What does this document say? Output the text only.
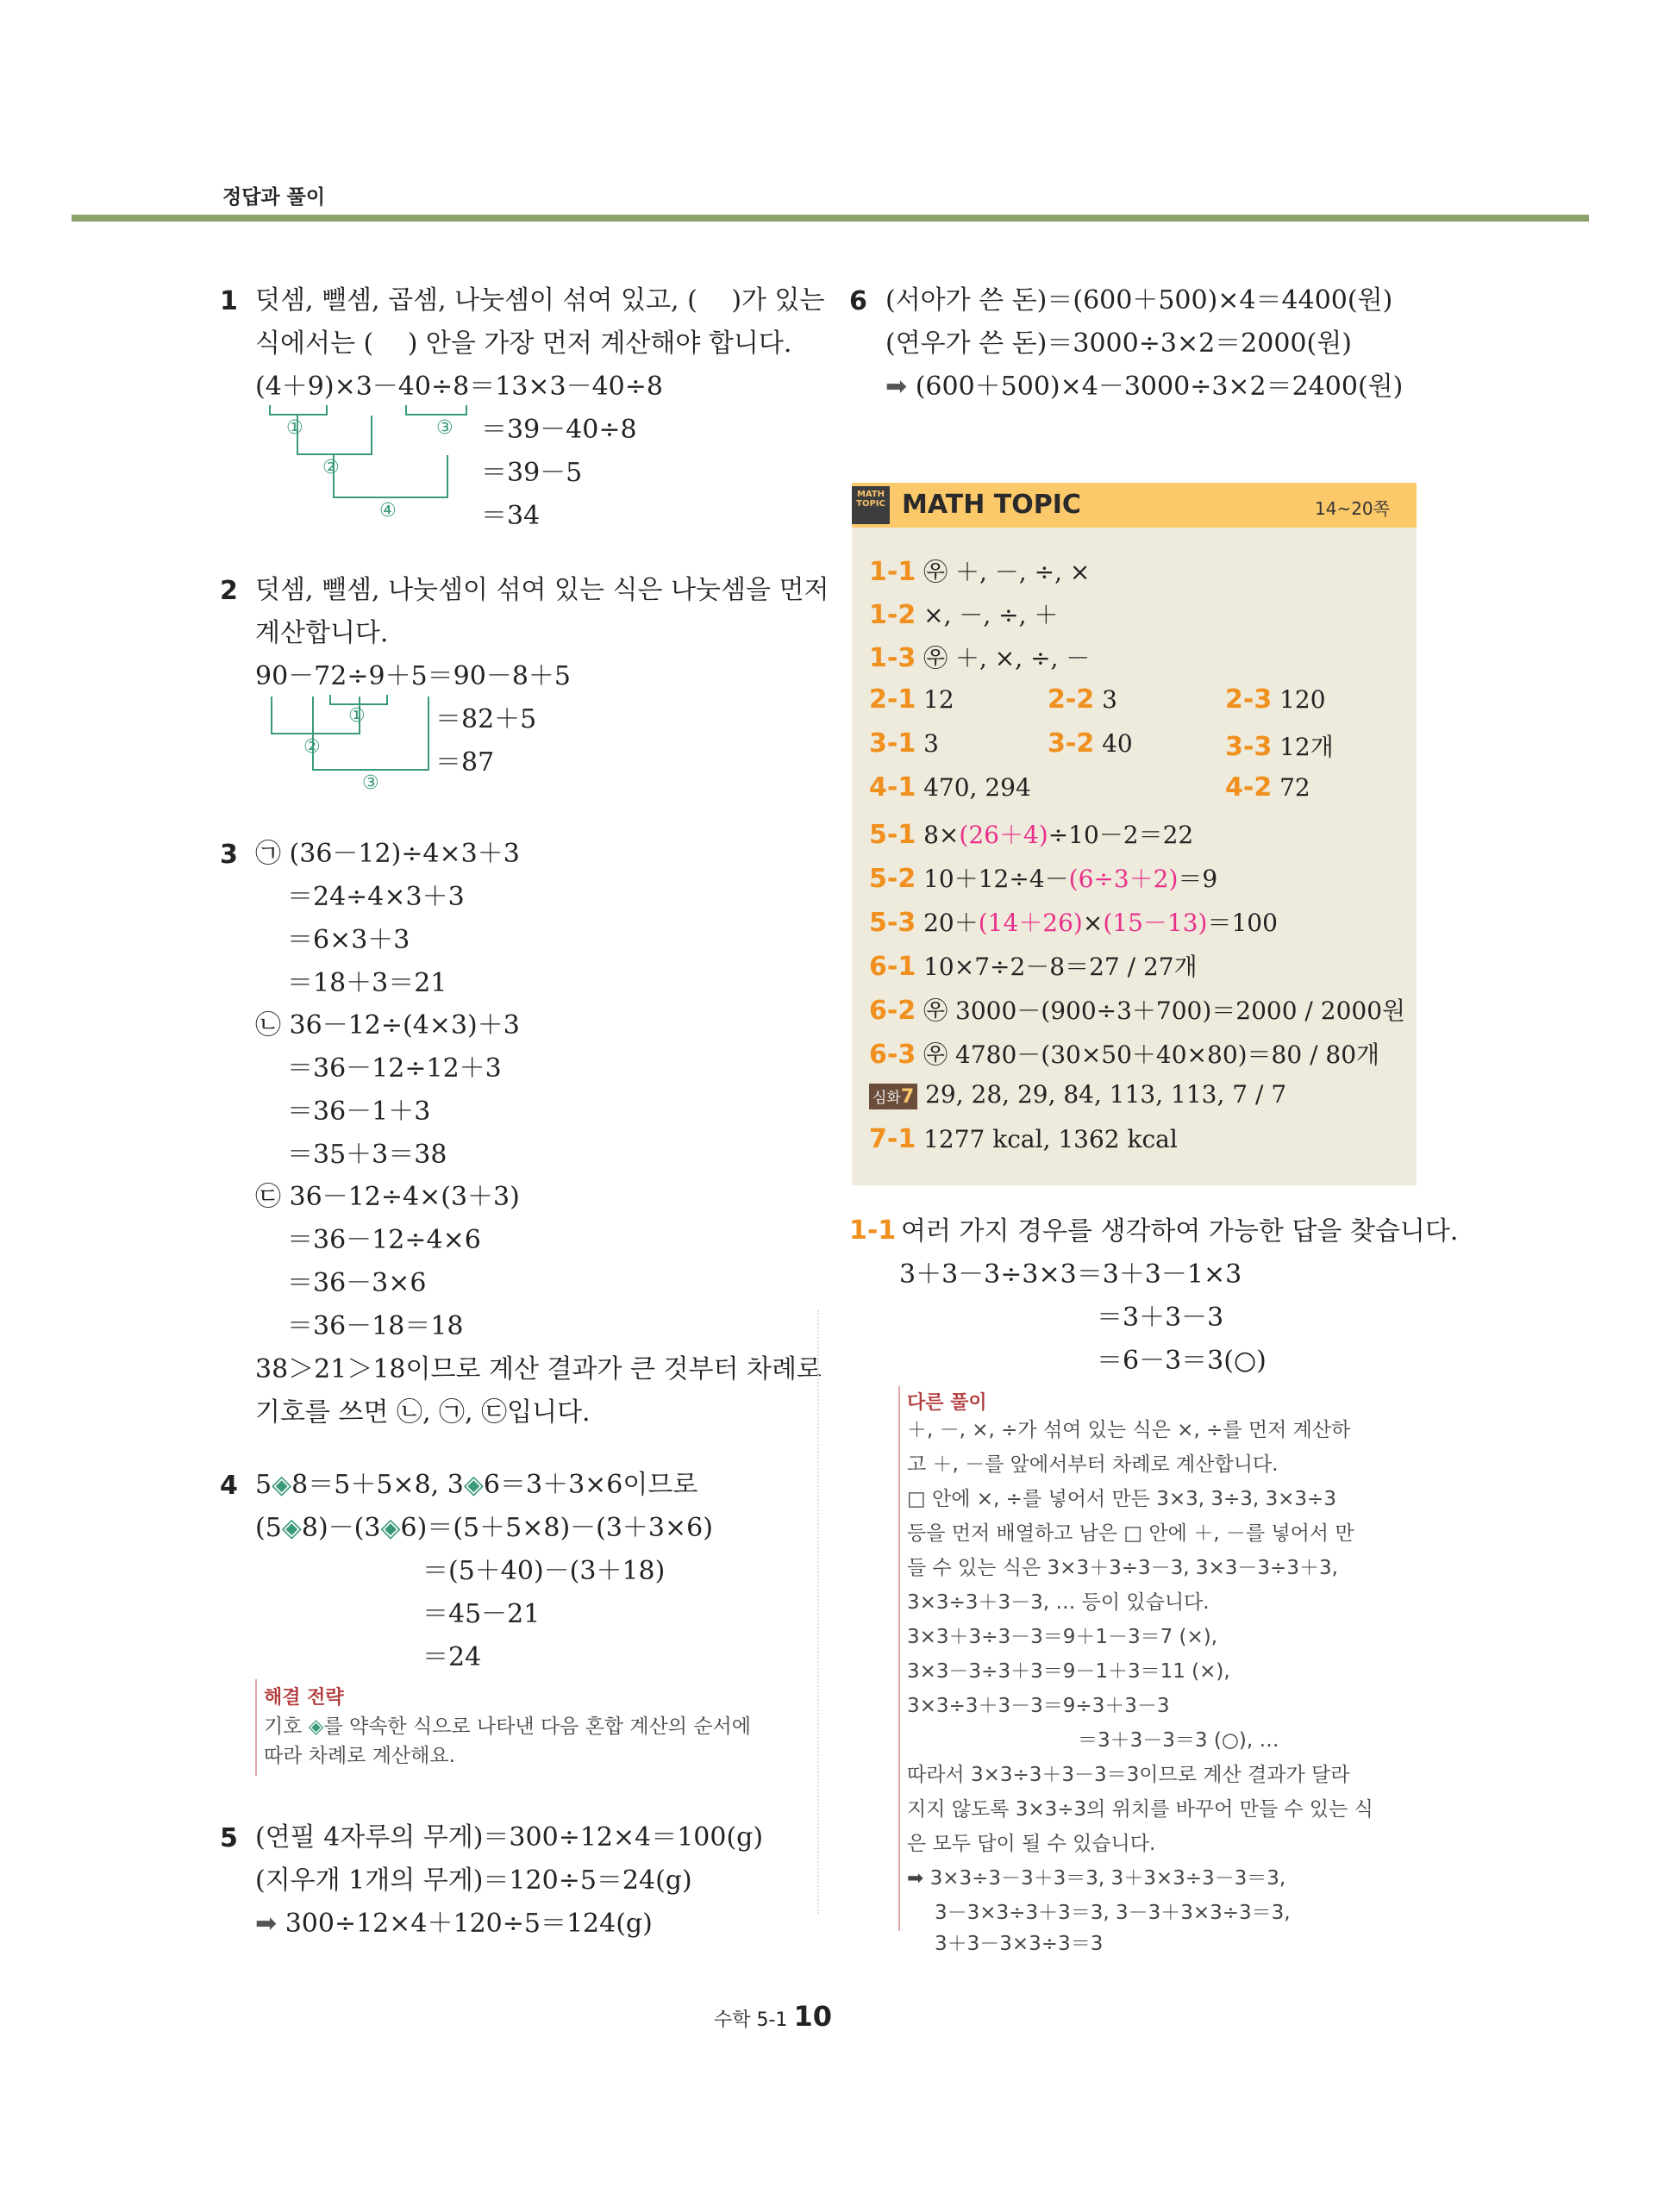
정답과 풀이
1 덧셈, 뺄셈, 곱셈, 나눗셈이 섞여 있고, (　 )가 있는
식에서는 (　 ) 안을 가장 먼저 계산해야 합니다.
(4＋9)×3－40÷8＝13×3－40÷8
＝39－40÷8
＝39－5
＝34
①	③
②
④
2 덧셈, 뺄셈, 나눗셈이 섞여 있는 식은 나눗셈을 먼저
계산합니다.
90－72÷9＋5＝90－8＋5
＝82＋5
＝87
①
②
③
3 ㉠ (36－12)÷4×3＋3
＝24÷4×3＋3
＝6×3＋3
＝18＋3＝21
㉡ 36－12÷(4×3)＋3
＝36－12÷12＋3
＝36－1＋3
＝35＋3＝38
㉢ 36－12÷4×(3＋3)
＝36－12÷4×6
＝36－3×6
＝36－18＝18
38＞21＞18이므로 계산 결과가 큰 것부터 차례로
기호를 쓰면 ㉡, ㉠, ㉢입니다.
4 5◈8＝5＋5×8, 3◈6＝3＋3×6이므로
(5◈8)－(3◈6)＝(5＋5×8)－(3＋3×6)
＝(5＋40)－(3＋18)
＝45－21
＝24
해결 전략
기호 ◈를 약속한 식으로 나타낸 다음 혼합 계산의 순서에
따라 차례로 계산해요.
5 (연필 4자루의 무게)＝300÷12×4＝100(g)
(지우개 1개의 무게)＝120÷5＝24(g)
➡ 300÷12×4＋120÷5＝124(g)
6 (서아가 쓴 돈)＝(600＋500)×4＝4400(원)
(연우가 쓴 돈)＝3000÷3×2＝2000(원)
➡ (600＋500)×4－3000÷3×2＝2400(원)
MATH TOPIC MATH TOPIC	14~20쪽
1-1 ㉾ ＋, －, ÷, ×
1-2 ×, －, ÷, ＋
1-3 ㉾ ＋, ×, ÷, －
2-1 12	2-2 3	2-3 120
3-1 3	3-2 40	3-3 12개
4-1 470, 294	4-2 72
5-1 8×(26＋4)÷10－2＝22
5-2 10＋12÷4－(6÷3＋2)＝9
5-3 20＋(14＋26)×(15－13)＝100
6-1 10×7÷2－8＝27 / 27개
6-2 ㉾ 3000－(900÷3＋700)＝2000 / 2000원
6-3 ㉾ 4780－(30×50＋40×80)＝80 / 80개
심화7 29, 28, 29, 84, 113, 113, 7 / 7
7-1 1277 kcal, 1362 kcal
1-1 여러 가지 경우를 생각하여 가능한 답을 찾습니다.
3＋3－3÷3×3＝3＋3－1×3
＝3＋3－3
＝6－3＝3(○)
다른 풀이
＋, －, ×, ÷가 섞여 있는 식은 ×, ÷를 먼저 계산하
고 ＋, －를 앞에서부터 차례로 계산합니다.
□ 안에 ×, ÷를 넣어서 만든 3×3, 3÷3, 3×3÷3
등을 먼저 배열하고 남은 □ 안에 ＋, －를 넣어서 만
들 수 있는 식은 3×3＋3÷3－3, 3×3－3÷3＋3,
3×3÷3＋3－3, … 등이 있습니다.
3×3＋3÷3－3＝9＋1－3＝7 (×),
3×3－3÷3＋3＝9－1＋3＝11 (×),
3×3÷3＋3－3＝9÷3＋3－3
＝3＋3－3＝3 (○), …
따라서 3×3÷3＋3－3＝3이므로 계산 결과가 달라
지지 않도록 3×3÷3의 위치를 바꾸어 만들 수 있는 식
은 모두 답이 될 수 있습니다.
➡ 3×3÷3－3＋3＝3, 3＋3×3÷3－3＝3,
3－3×3÷3＋3＝3, 3－3＋3×3÷3＝3,
3＋3－3×3÷3＝3
수학 5-1 10
